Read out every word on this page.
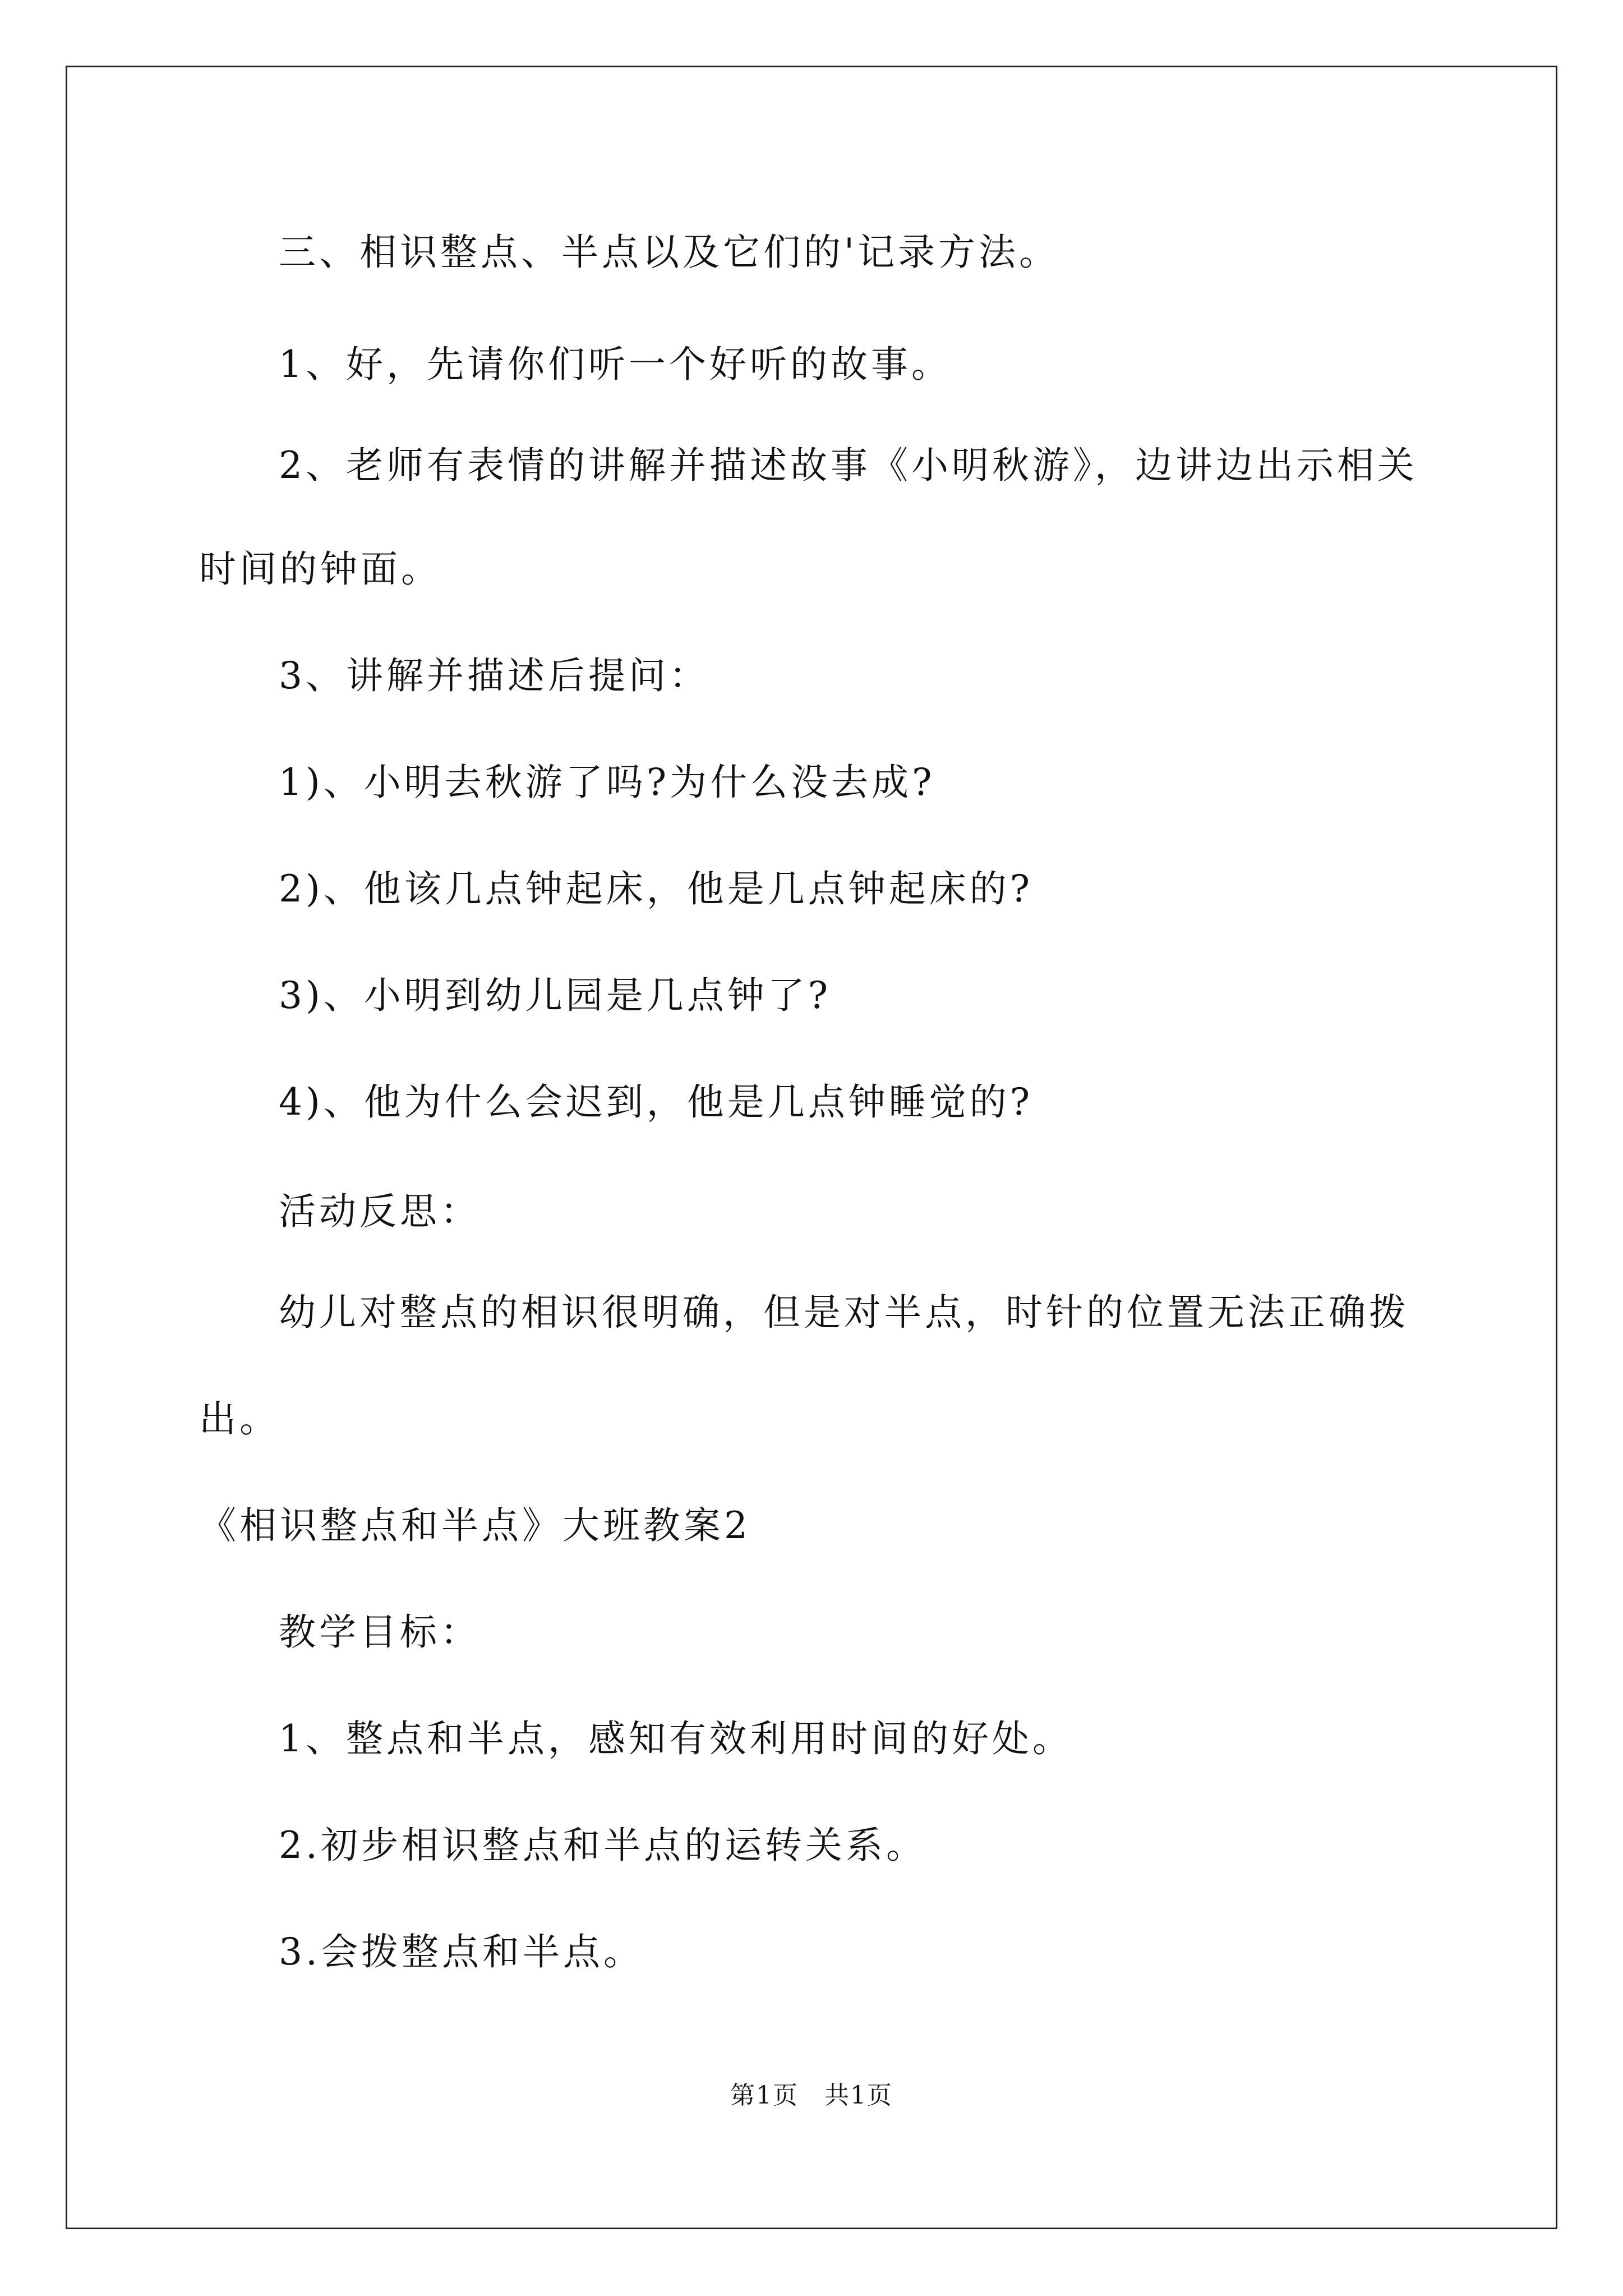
三、相识整点、半点以及它们的'记录方法。
1、好，先请你们听一个好听的故事。
2、老师有表情的讲解并描述故事《小明秋游》，边讲边出示相关
时间的钟面。
3、讲解并描述后提问：
1)、小明去秋游了吗?为什么没去成?
2)、他该几点钟起床，他是几点钟起床的?
3)、小明到幼儿园是几点钟了?
4)、他为什么会迟到，他是几点钟睡觉的?
活动反思：
幼儿对整点的相识很明确，但是对半点，时针的位置无法正确拨
出。
《相识整点和半点》大班教案2
教学目标：
1、整点和半点，感知有效利用时间的好处。
2.初步相识整点和半点的运转关系。
3.会拨整点和半点。
第1页　共1页
